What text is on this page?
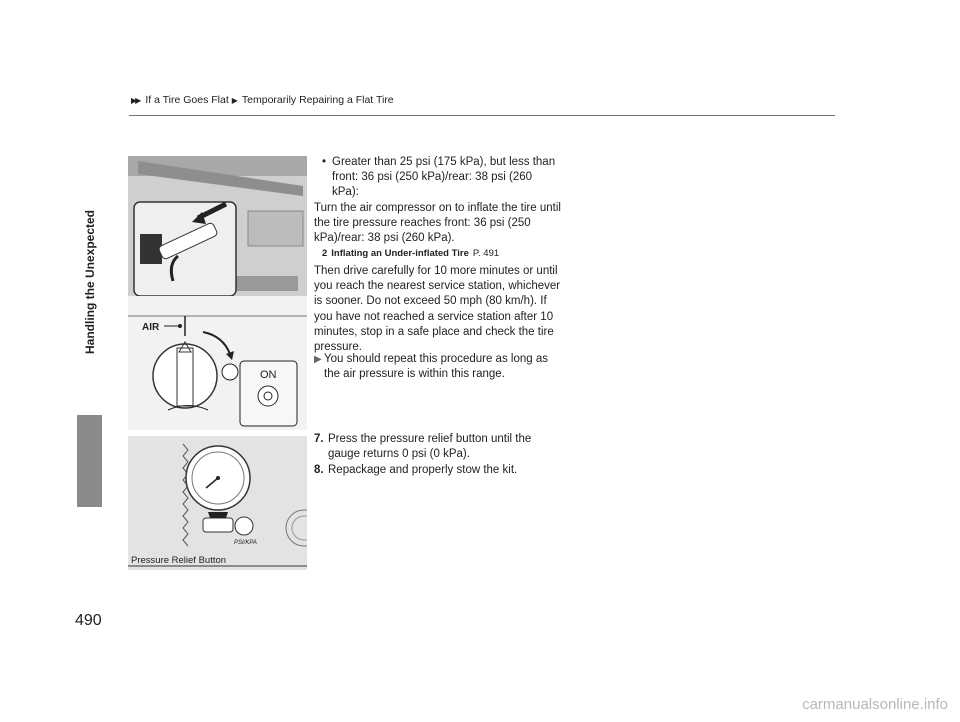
▶▶ If a Tire Goes Flat ▶ Temporarily Repairing a Flat Tire
Handling the Unexpected
490
AIR
ON
PSI/KPA
Pressure Relief Button
• Greater than 25 psi (175 kPa), but less than front: 36 psi (250 kPa)/rear: 38 psi (260 kPa):
Turn the air compressor on to inflate the tire until the tire pressure reaches front: 36 psi (250 kPa)/rear: 38 psi (260 kPa).
2 Inflating an Under-inflated Tire P. 491
Then drive carefully for 10 more minutes or until you reach the nearest service station, whichever is sooner. Do not exceed 50 mph (80 km/h). If you have not reached a service station after 10 minutes, stop in a safe place and check the tire pressure.
▶ You should repeat this procedure as long as the air pressure is within this range.
7. Press the pressure relief button until the gauge returns 0 psi (0 kPa).
8. Repackage and properly stow the kit.
carmanualsonline.info
